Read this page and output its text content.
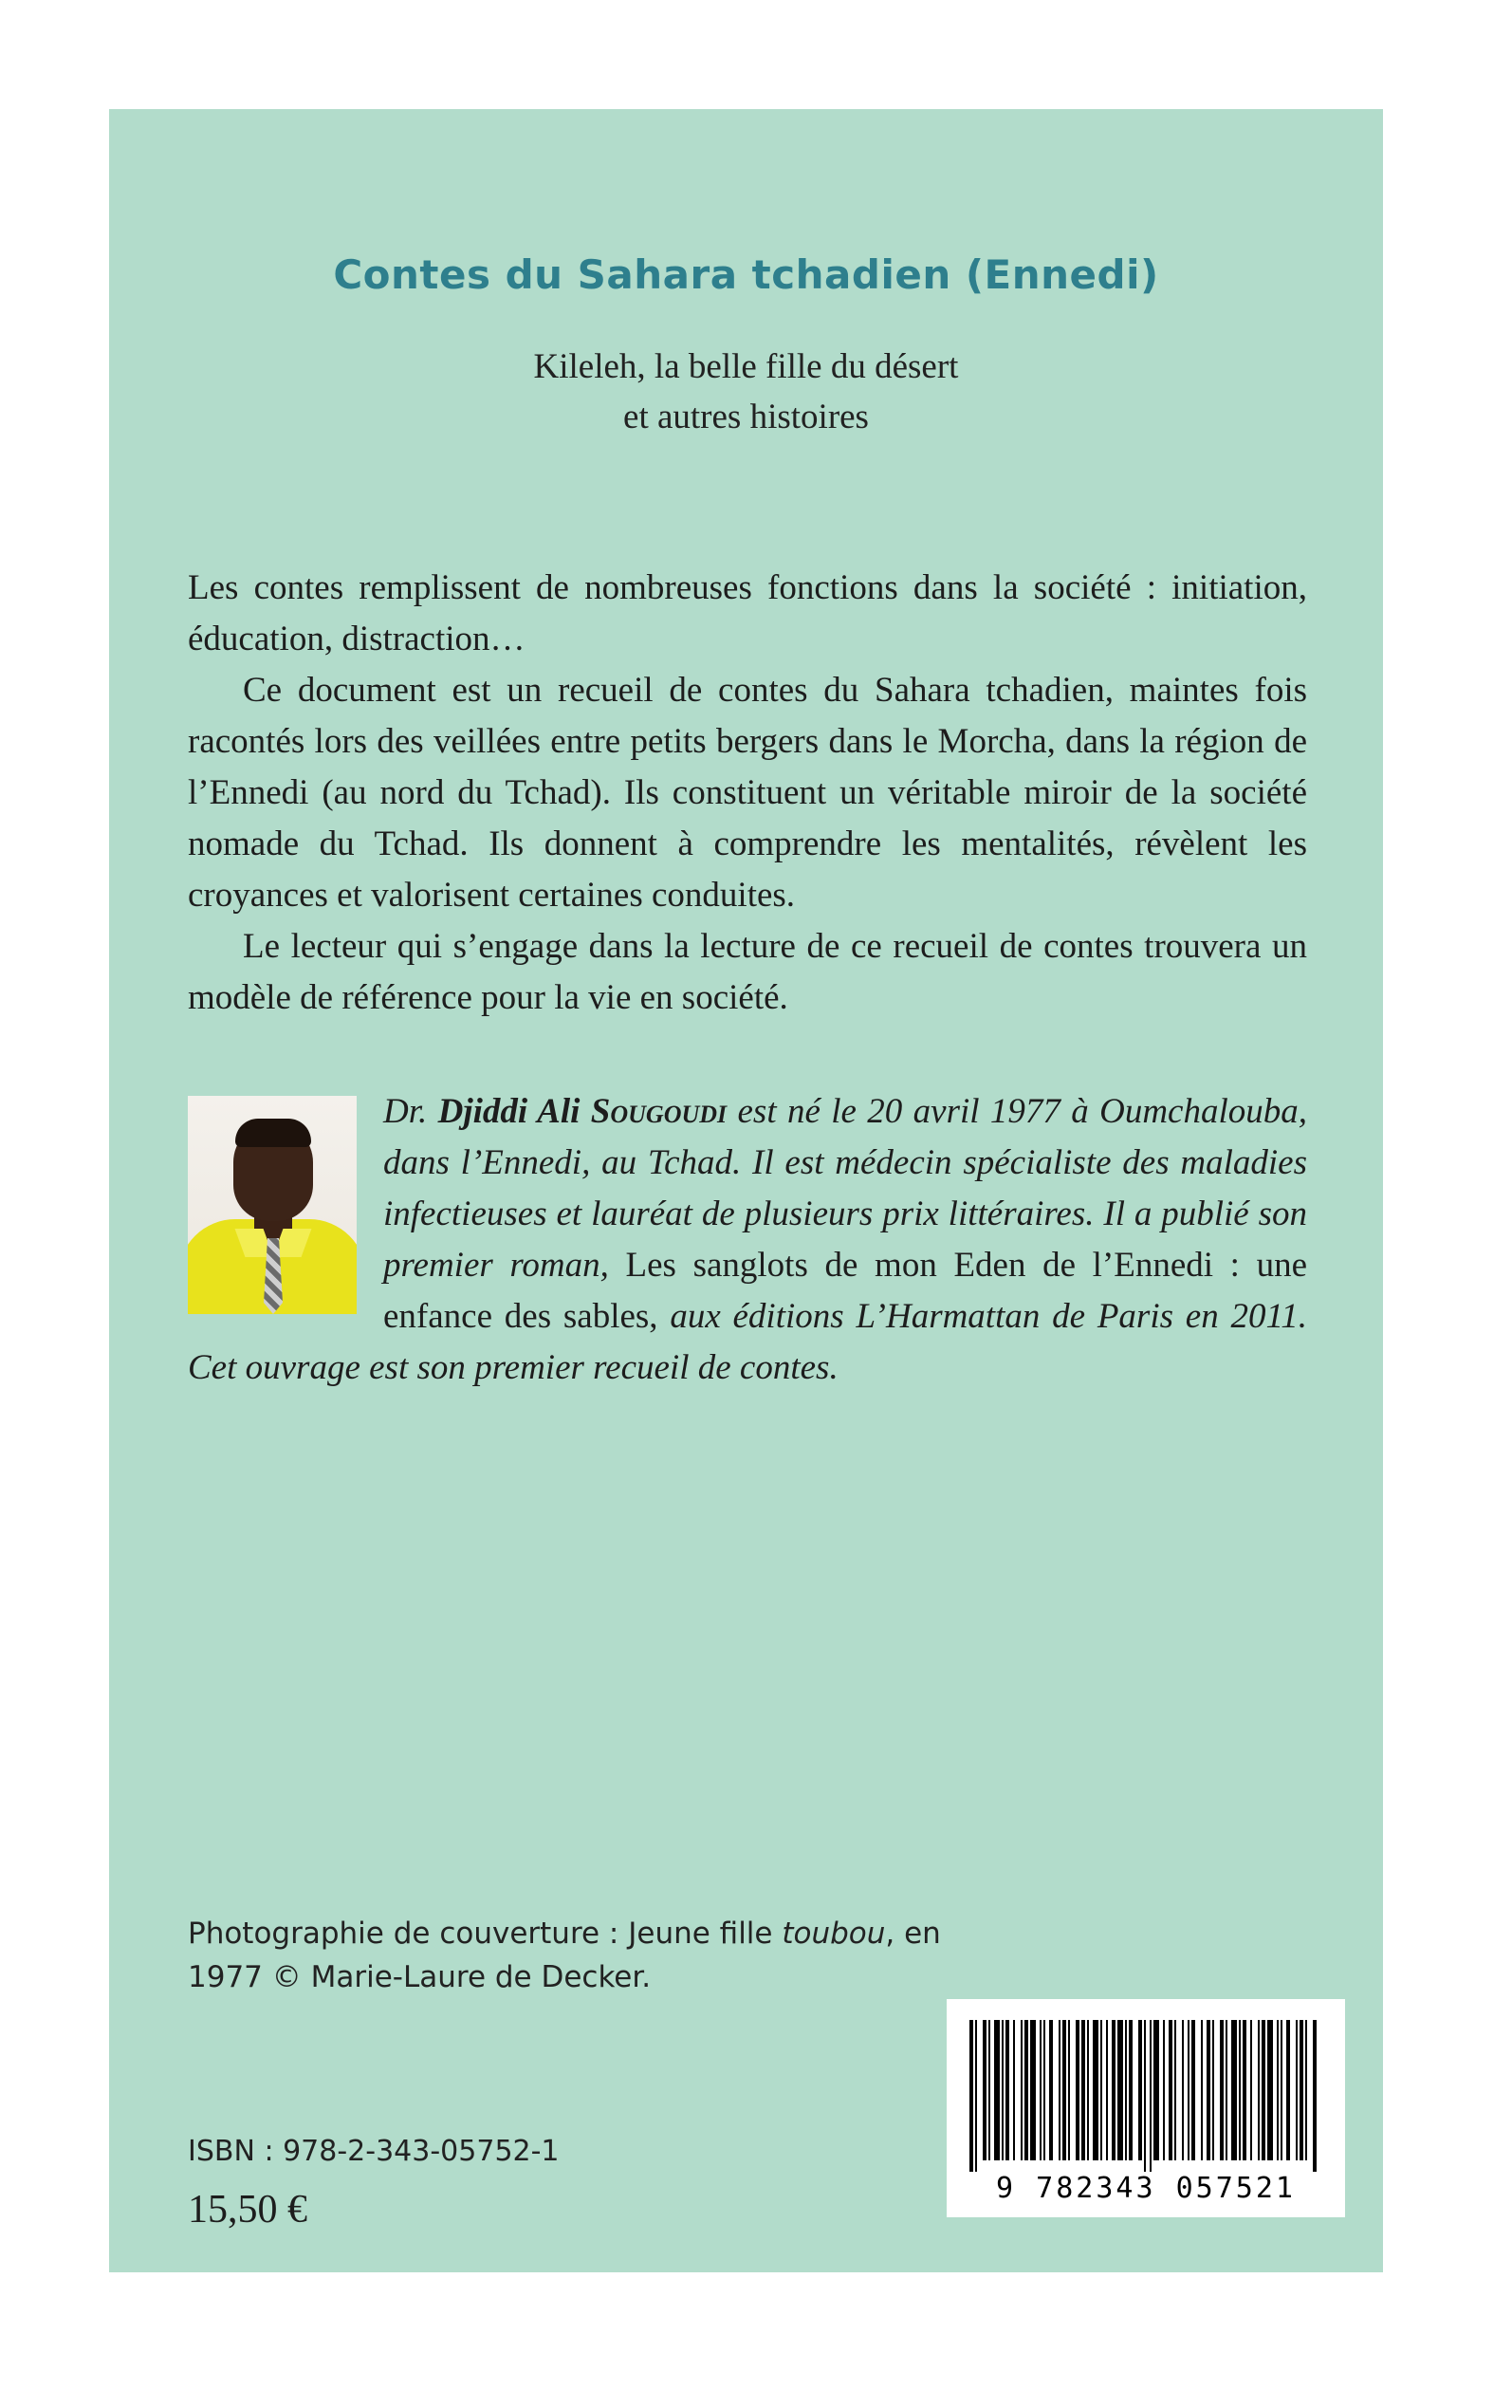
Contes du Sahara tchadien (Ennedi)
Kileleh, la belle fille du désert
et autres histoires

Les contes remplissent de nombreuses fonctions dans la société : initiation, éducation, distraction…

Ce document est un recueil de contes du Sahara tchadien, maintes fois racontés lors des veillées entre petits bergers dans le Morcha, dans la région de l’Ennedi (au nord du Tchad). Ils constituent un véritable miroir de la société nomade du Tchad. Ils donnent à comprendre les mentalités, révèlent les croyances et valorisent certaines conduites.

Le lecteur qui s’engage dans la lecture de ce recueil de contes trouvera un modèle de référence pour la vie en société.

Dr. Djiddi Ali Sougoudi est né le 20 avril 1977 à Oumchalouba, dans l’Ennedi, au Tchad. Il est médecin spécialiste des maladies infectieuses et lauréat de plusieurs prix littéraires. Il a publié son premier roman, Les sanglots de mon Eden de l’Ennedi : une enfance des sables, aux éditions L’Harmattan de Paris en 2011. Cet ouvrage est son premier recueil de contes.
Photographie de couverture : Jeune fille toubou, en
1977 © Marie-Laure de Decker.
ISBN : 978-2-343-05752-1
15,50 €	9 782343 057521
